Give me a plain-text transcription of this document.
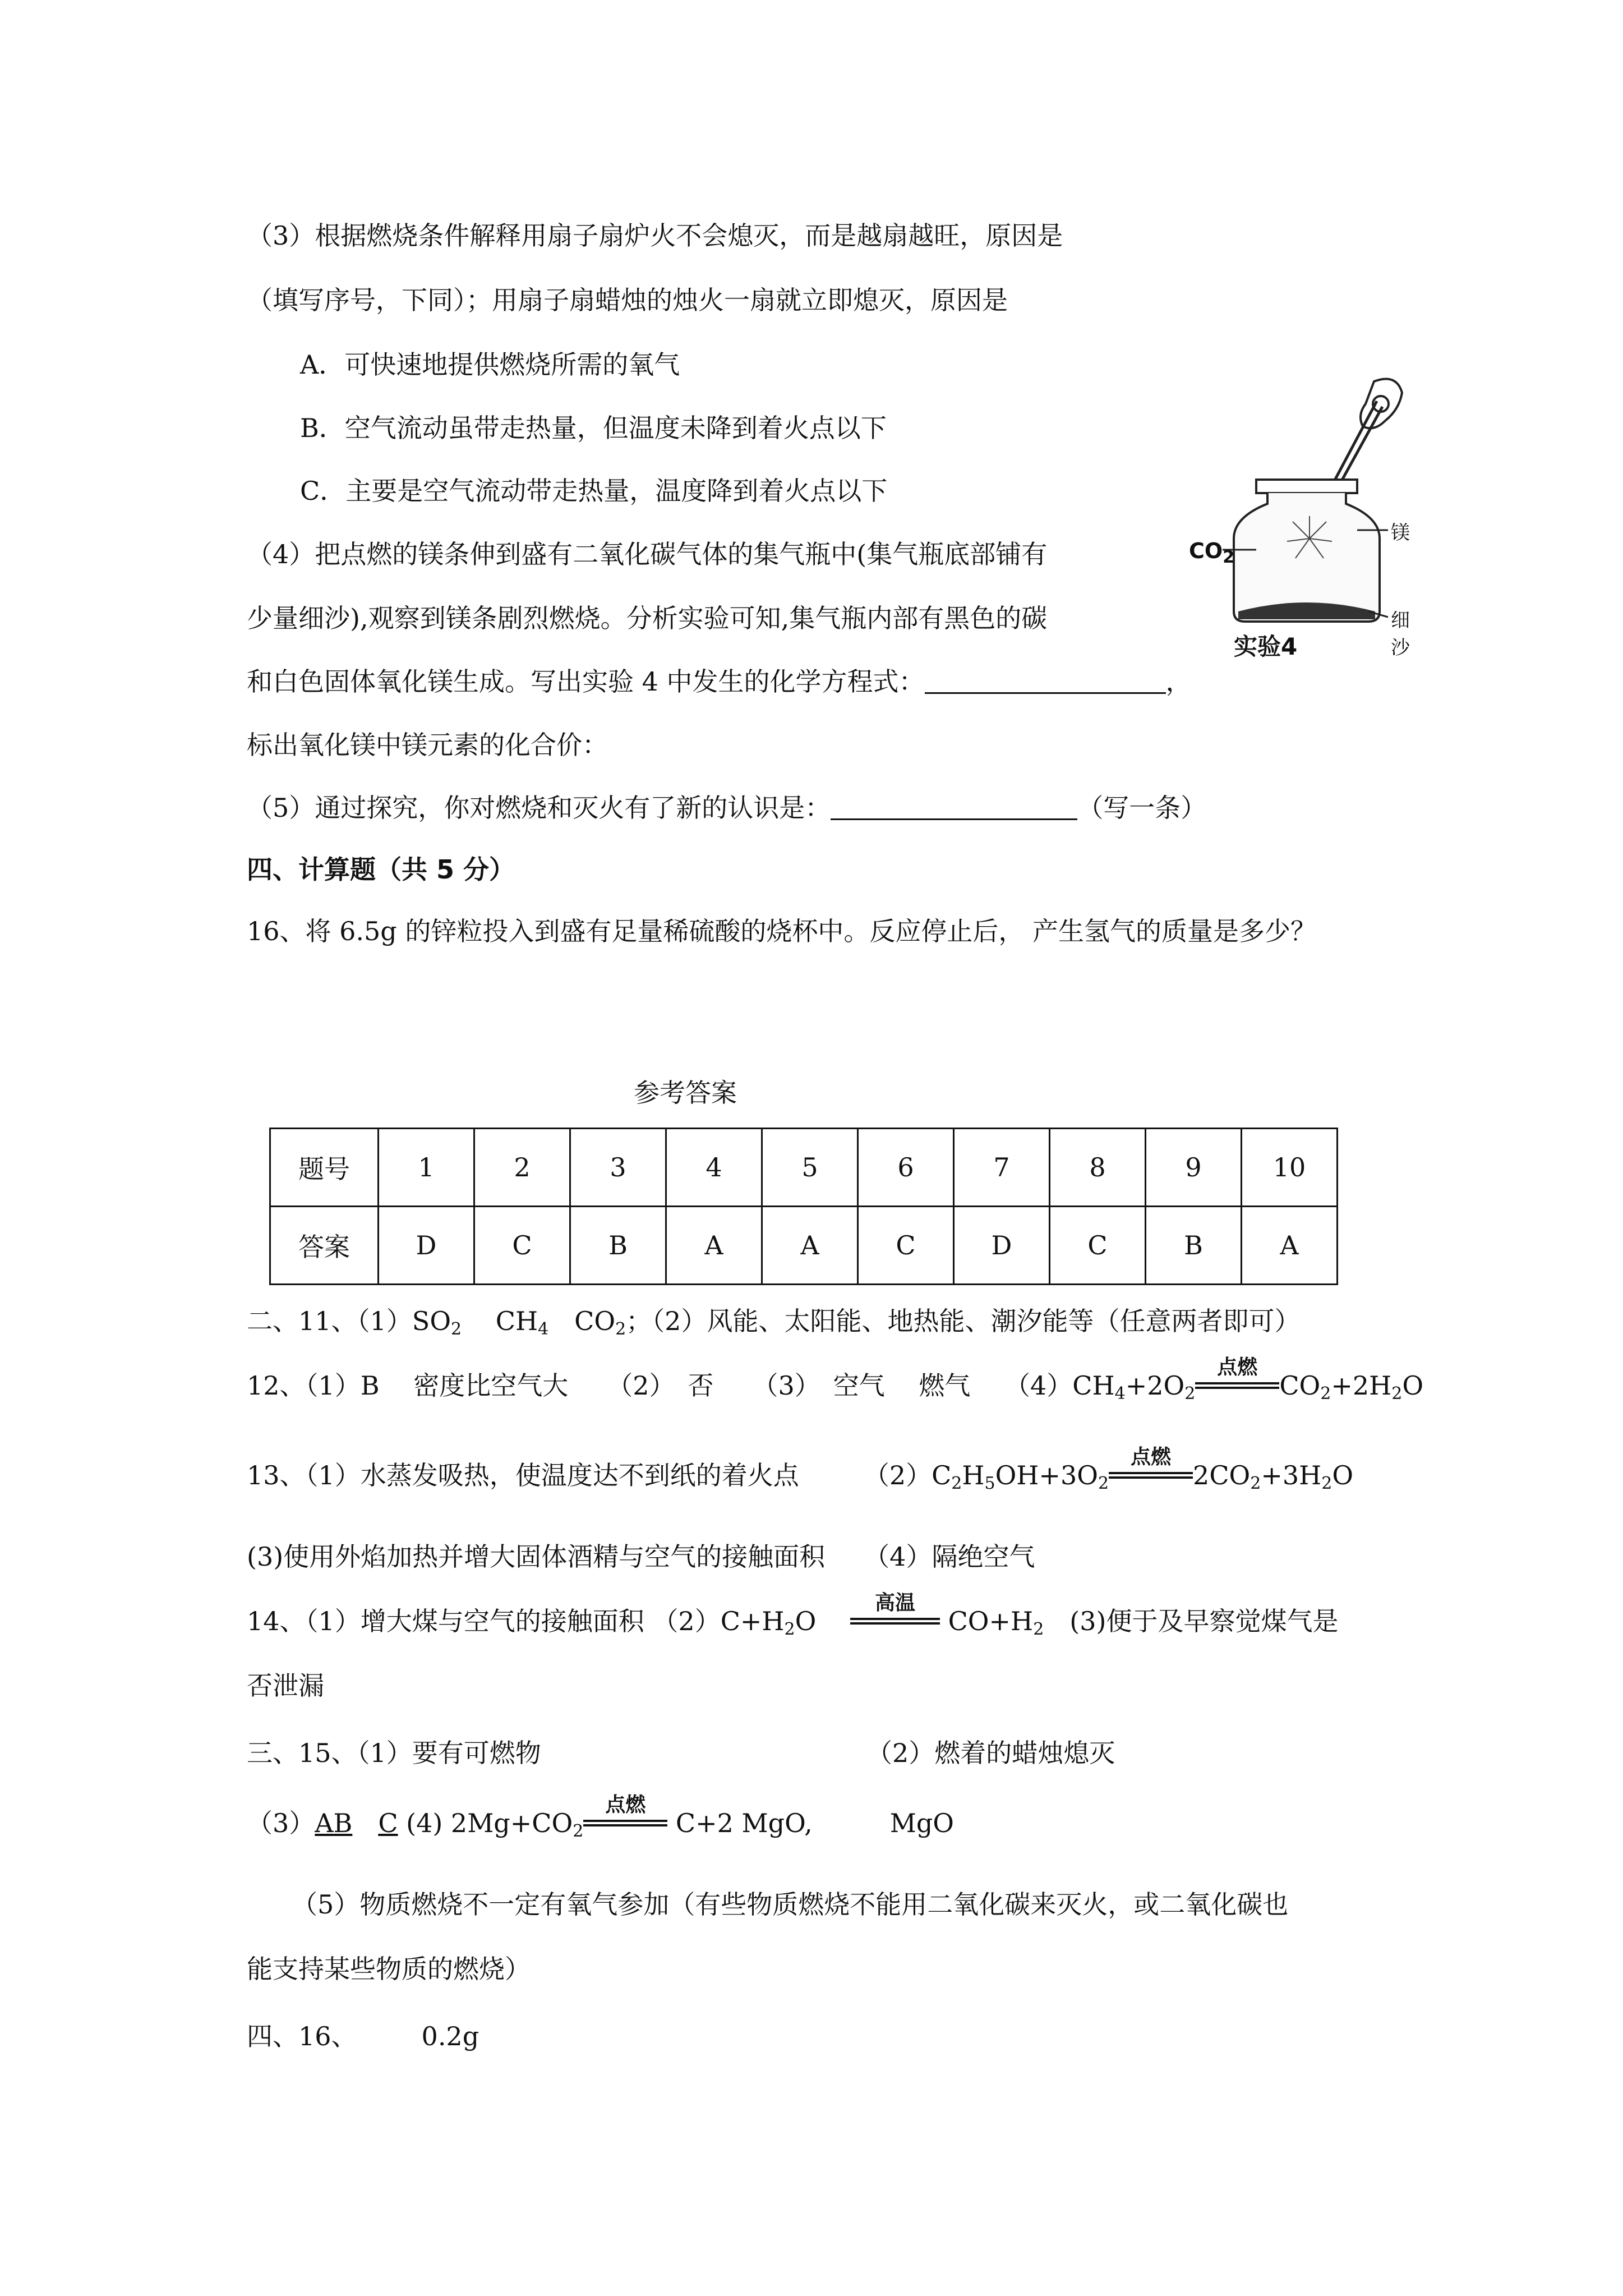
（3）根据燃烧条件解释用扇子扇炉火不会熄灭，而是越扇越旺，原因是
（填写序号，下同）；用扇子扇蜡烛的烛火一扇就立即熄灭，原因是
A．可快速地提供燃烧所需的氧气
B．空气流动虽带走热量，但温度未降到着火点以下
C．主要是空气流动带走热量，温度降到着火点以下
（4）把点燃的镁条伸到盛有二氧化碳气体的集气瓶中(集气瓶底部铺有
少量细沙),观察到镁条剧烈燃烧。分析实验可知,集气瓶内部有黑色的碳
和白色固体氧化镁生成。写出实验 4 中发生的化学方程式：	，
标出氧化镁中镁元素的化合价：
$CO_2$
镁
细沙
实验4
（5）通过探究，你对燃烧和灭火有了新的认识是：	（写一条）
四、计算题（共 5 分）
16、将 6.5g 的锌粒投入到盛有足量稀硫酸的烧杯中。反应停止后， 产生氢气的质量是多少？
参考答案
题号	1	2	3	4	5	6	7	8	9	10
答案	D	C	B	A	A	C	D	C	B	A
二、11、$(1)SO_2$　 $CH_4$　 $CO_2$；（2）风能、太阳能、地热能、潮汐能等（任意两者即可）
12、（1）B　 密度比空气大　　（2）　否　　（3）　空气　 燃气　 $(4)CH_4+2O_2$
点燃
$CO_2+2H_2O$
13、（1）水蒸发吸热，使温度达不到纸的着火点　　　	$(2)C_2H_5OH+3O_2$
点燃
$2CO_2+3H_2O$
(3)使用外焰加热并增大固体酒精与空气的接触面积　　 （4）隔绝空气
14、（1）增大煤与空气的接触面积 $(2)C+H_2O$　
高温
$CO+H_2$　 (3)便于及早察觉煤气是
否泄漏
三、15、（1）要有可燃物	（2）燃着的蜡烛熄灭
（3）AB　 C (4) $2Mg+CO_2$
点燃
C+2 MgO,　　　	MgO
（5）物质燃烧不一定有氧气参加（有些物质燃烧不能用二氧化碳来灭火，或二氧化碳也
能支持某些物质的燃烧）
四、16、　　　	0.2g
